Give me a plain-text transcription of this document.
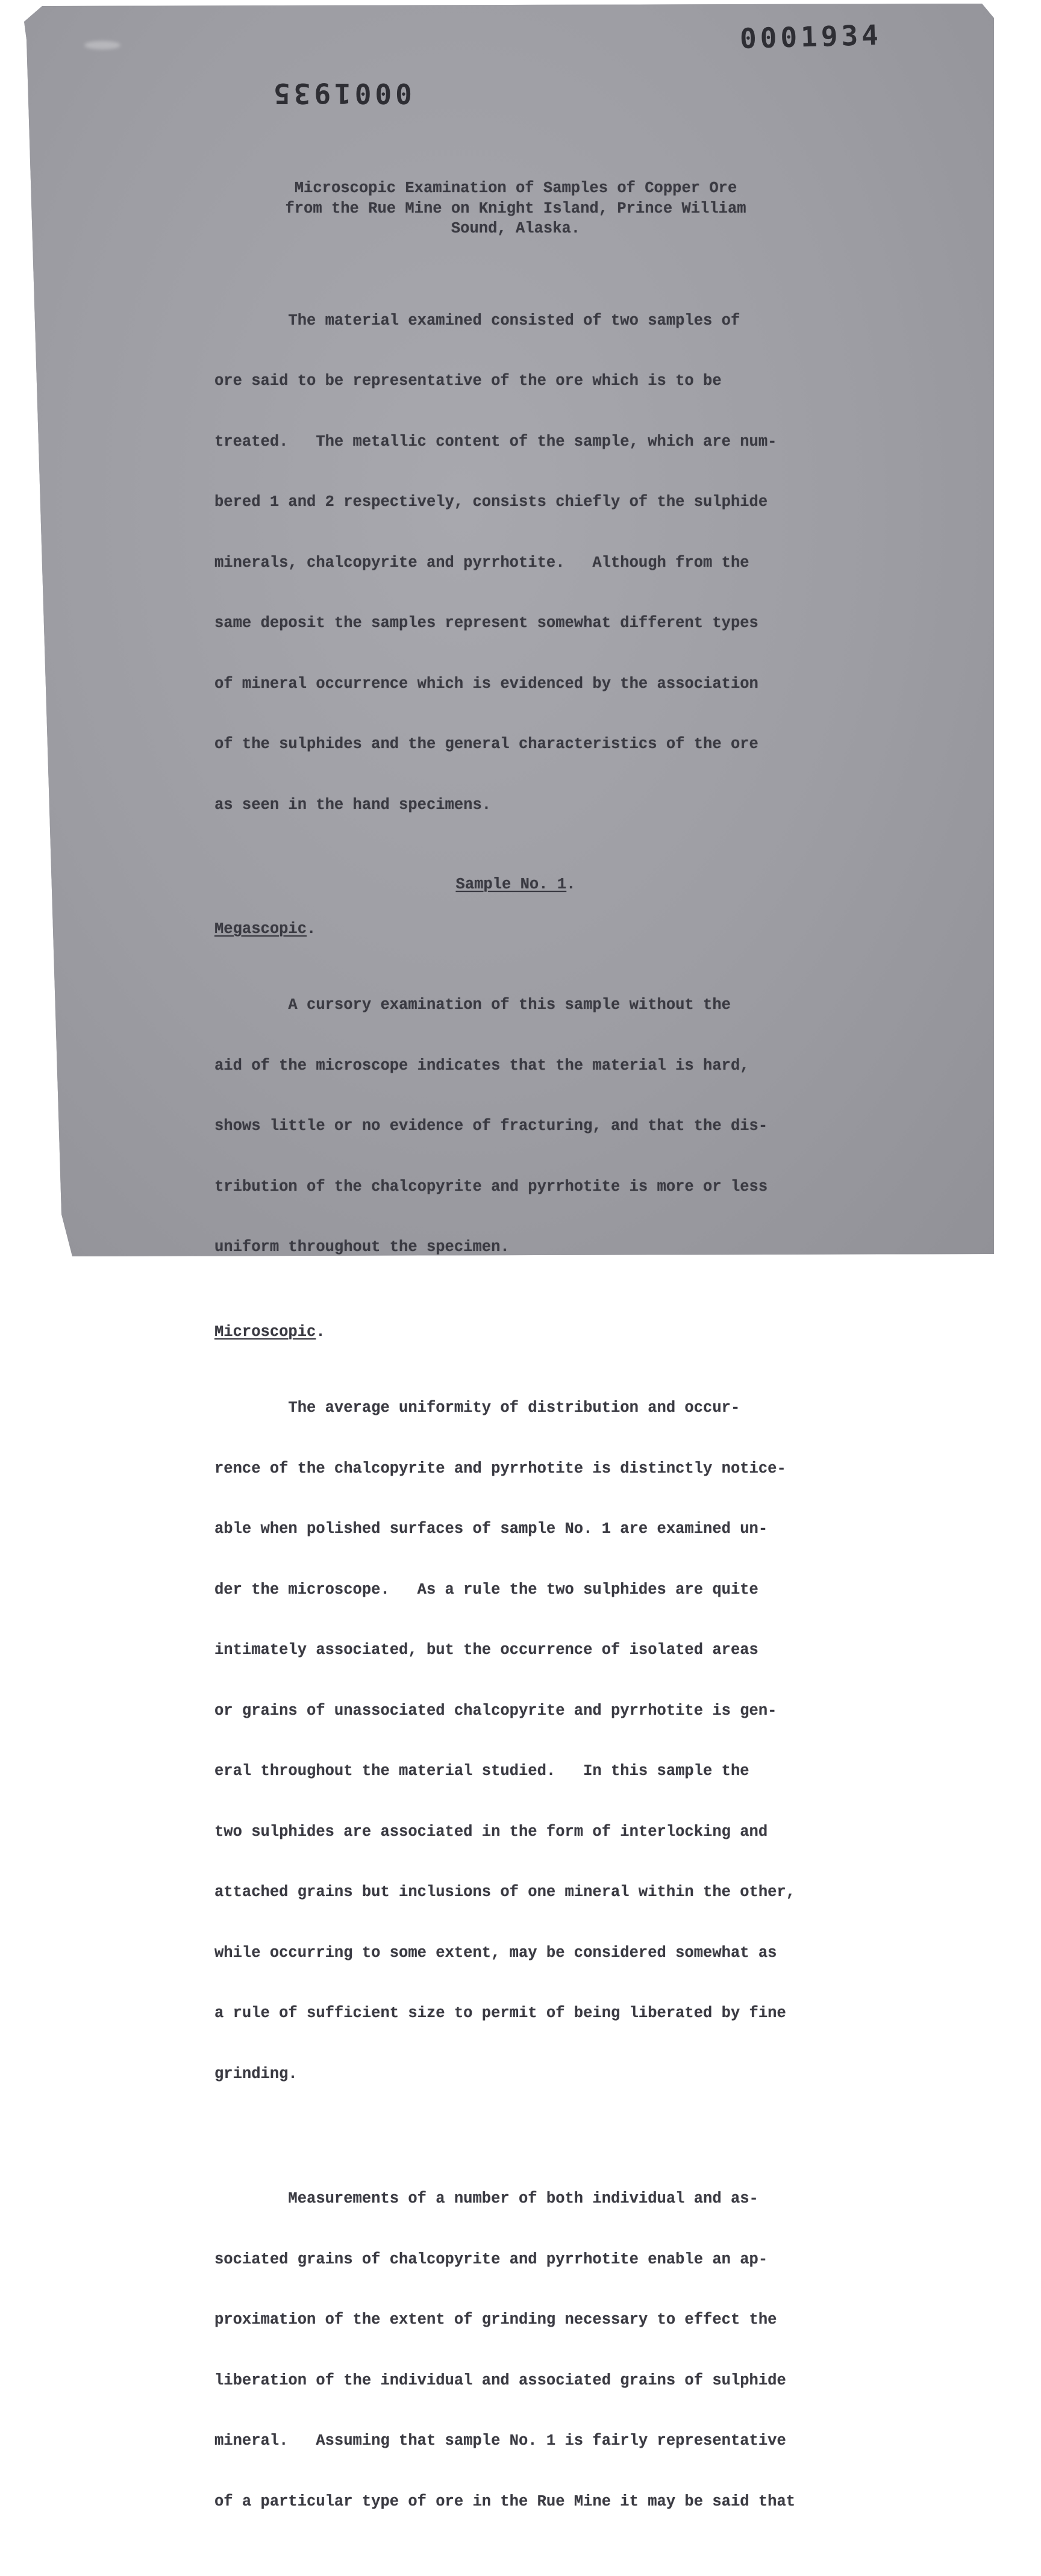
0001934
0001935
Microscopic Examination of Samples of Copper Ore
from the Rue Mine on Knight Island, Prince William
Sound, Alaska.

The material examined consisted of two samples of

ore said to be representative of the ore which is to be

treated.   The metallic content of the sample, which are num-

bered 1 and 2 respectively, consists chiefly of the sulphide

minerals, chalcopyrite and pyrrhotite.   Although from the

same deposit the samples represent somewhat different types

of mineral occurrence which is evidenced by the association

of the sulphides and the general characteristics of the ore

as seen in the hand specimens.

Sample No. 1.
Megascopic.

A cursory examination of this sample without the

aid of the microscope indicates that the material is hard,

shows little or no evidence of fracturing, and that the dis-

tribution of the chalcopyrite and pyrrhotite is more or less

uniform throughout the specimen.

Microscopic.

The average uniformity of distribution and occur-

rence of the chalcopyrite and pyrrhotite is distinctly notice-

able when polished surfaces of sample No. 1 are examined un-

der the microscope.   As a rule the two sulphides are quite

intimately associated, but the occurrence of isolated areas

or grains of unassociated chalcopyrite and pyrrhotite is gen-

eral throughout the material studied.   In this sample the

two sulphides are associated in the form of interlocking and

attached grains but inclusions of one mineral within the other,

while occurring to some extent, may be considered somewhat as

a rule of sufficient size to permit of being liberated by fine

grinding.

Measurements of a number of both individual and as-

sociated grains of chalcopyrite and pyrrhotite enable an ap-

proximation of the extent of grinding necessary to effect the

liberation of the individual and associated grains of sulphide

mineral.   Assuming that sample No. 1 is fairly representative

of a particular type of ore in the Rue Mine it may be said that
